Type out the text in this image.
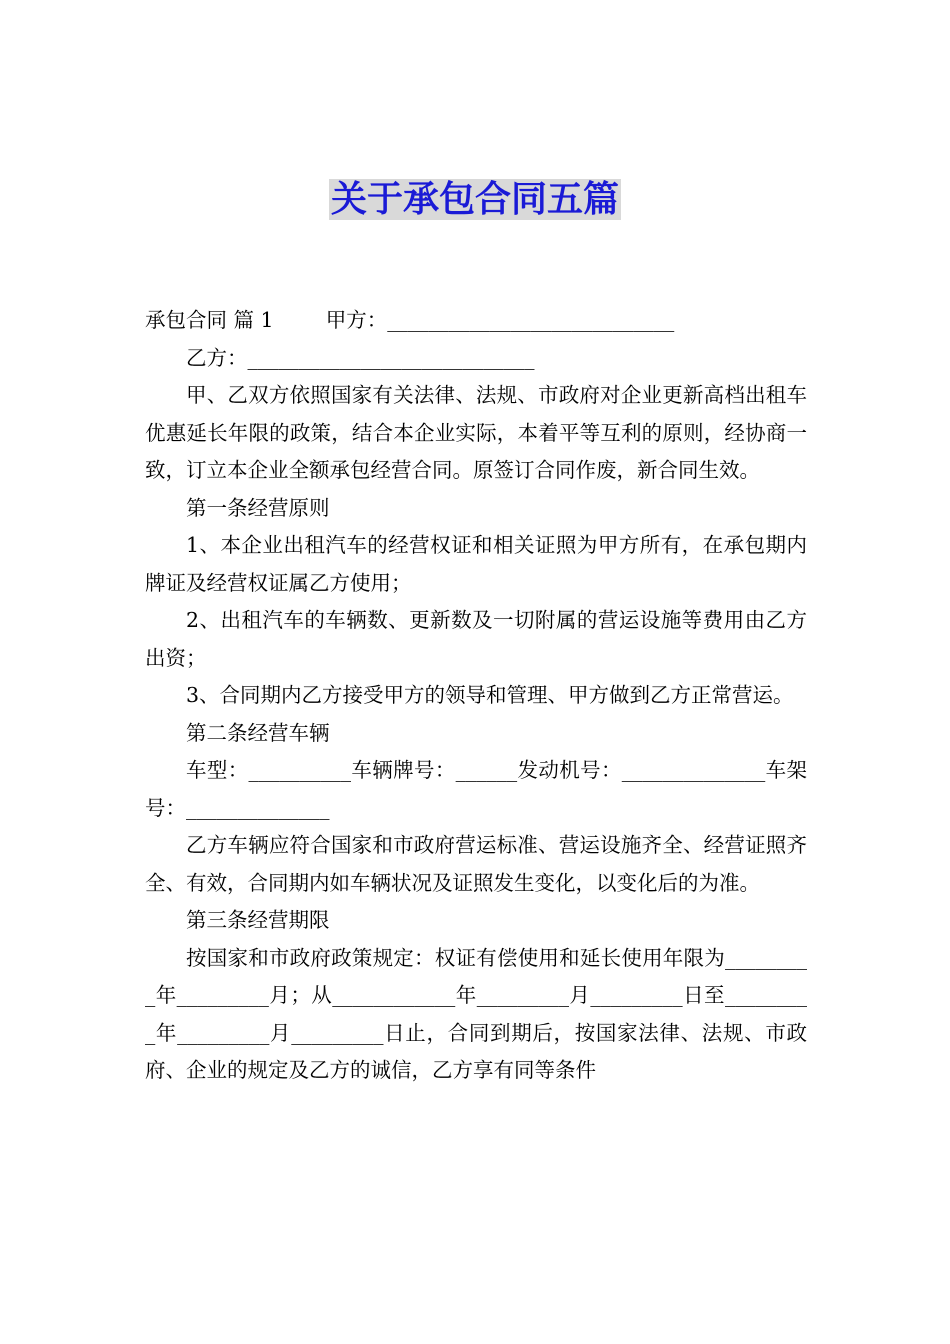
关于承包合同五篇

承包合同 篇 1        甲方：____________________________

乙方：____________________________

甲、乙双方依照国家有关法律、法规、市政府对企业更新高档出租车优惠延长年限的政策，结合本企业实际，本着平等互利的原则，经协商一致，订立本企业全额承包经营合同。原签订合同作废，新合同生效。

第一条经营原则

1、本企业出租汽车的经营权证和相关证照为甲方所有，在承包期内牌证及经营权证属乙方使用；

2、出租汽车的车辆数、更新数及一切附属的营运设施等费用由乙方出资；

3、合同期内乙方接受甲方的领导和管理、甲方做到乙方正常营运。

第二条经营车辆

车型：__________车辆牌号：______发动机号：______________车架号：______________

乙方车辆应符合国家和市政府营运标准、营运设施齐全、经营证照齐全、有效，合同期内如车辆状况及证照发生变化，以变化后的为准。

第三条经营期限

按国家和市政府政策规定：权证有偿使用和延长使用年限为_________年_________月；从____________年_________月_________日至_________年_________月_________日止，合同到期后，按国家法律、法规、市政府、企业的规定及乙方的诚信，乙方享有同等条件
